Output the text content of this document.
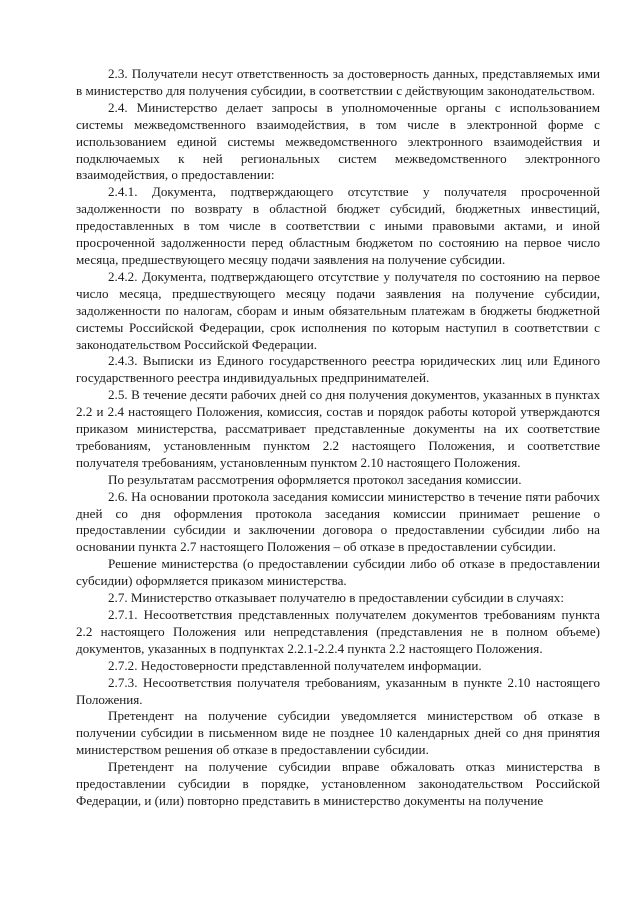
2.3. Получатели несут ответственность за достоверность данных, представляемых ими в министерство для получения субсидии, в соответствии с действующим законодательством.

2.4. Министерство делает запросы в уполномоченные органы с использованием системы межведомственного взаимодействия, в том числе в электронной форме с использованием единой системы межведомственного электронного взаимодействия и подключаемых к ней региональных систем межведомственного электронного взаимодействия, о предоставлении:

2.4.1. Документа, подтверждающего отсутствие у получателя просроченной задолженности по возврату в областной бюджет субсидий, бюджетных инвестиций, предоставленных в том числе в соответствии с иными правовыми актами, и иной просроченной задолженности перед областным бюджетом по состоянию на первое число месяца, предшествующего месяцу подачи заявления на получение субсидии.

2.4.2. Документа, подтверждающего отсутствие у получателя по состоянию на первое число месяца, предшествующего месяцу подачи заявления на получение субсидии, задолженности по налогам, сборам и иным обязательным платежам в бюджеты бюджетной системы Российской Федерации, срок исполнения по которым наступил в соответствии с законодательством Российской Федерации.

2.4.3. Выписки из Единого государственного реестра юридических лиц или Единого государственного реестра индивидуальных предпринимателей.

2.5. В течение десяти рабочих дней со дня получения документов, указанных в пунктах 2.2 и 2.4 настоящего Положения, комиссия, состав и порядок работы которой утверждаются приказом министерства, рассматривает представленные документы на их соответствие требованиям, установленным пунктом 2.2 настоящего Положения, и соответствие получателя требованиям, установленным пунктом 2.10 настоящего Положения.

По результатам рассмотрения оформляется протокол заседания комиссии.

2.6. На основании протокола заседания комиссии министерство в течение пяти рабочих дней со дня оформления протокола заседания комиссии принимает решение о предоставлении субсидии и заключении договора о предоставлении субсидии либо на основании пункта 2.7 настоящего Положения – об отказе в предоставлении субсидии.

Решение министерства (о предоставлении субсидии либо об отказе в предоставлении субсидии) оформляется приказом министерства.

2.7. Министерство отказывает получателю в предоставлении субсидии в случаях:

2.7.1. Несоответствия представленных получателем документов требованиям пункта 2.2 настоящего Положения или непредставления (представления не в полном объеме) документов, указанных в подпунктах 2.2.1-2.2.4 пункта 2.2 настоящего Положения.

2.7.2. Недостоверности представленной получателем информации.

2.7.3. Несоответствия получателя требованиям, указанным в пункте 2.10 настоящего Положения.

Претендент на получение субсидии уведомляется министерством об отказе в получении субсидии в письменном виде не позднее 10 календарных дней со дня принятия министерством решения об отказе в предоставлении субсидии.

Претендент на получение субсидии вправе обжаловать отказ министерства в предоставлении субсидии в порядке, установленном законодательством Российской Федерации, и (или) повторно представить в министерство документы на получение
